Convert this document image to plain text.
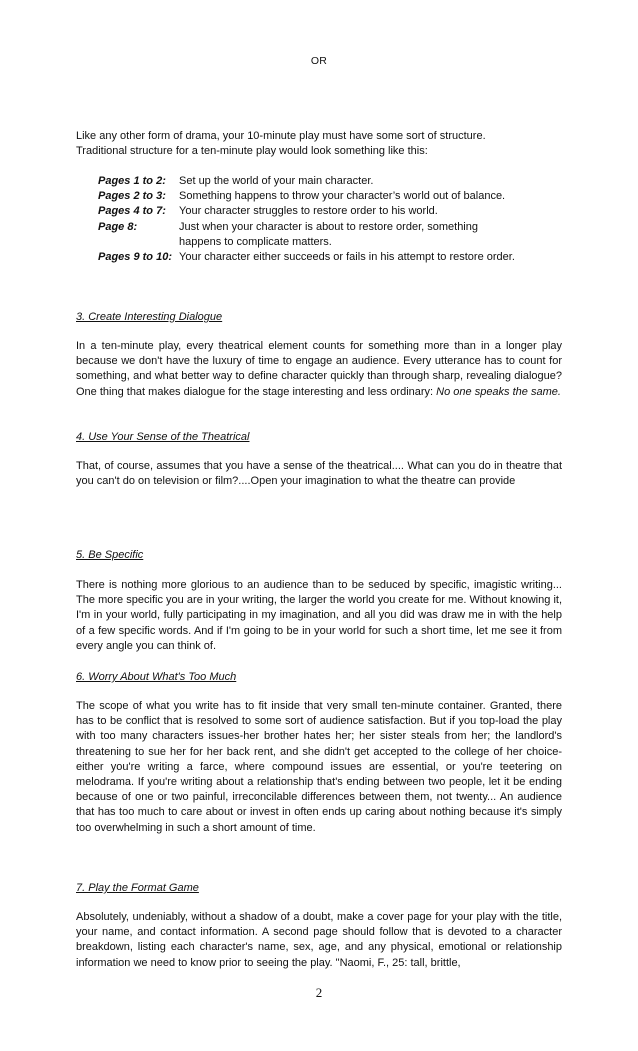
OR
Like any other form of drama, your 10-minute play must have some sort of structure.
Traditional structure for a ten-minute play would look something like this:
Pages 1 to 2:	Set up the world of your main character.
Pages 2 to 3:	Something happens to throw your character’s world out of balance.
Pages 4 to 7:	Your character struggles to restore order to his world.
Page 8:	Just when your character is about to restore order, something happens to complicate matters.
Pages 9 to 10: Your character either succeeds or fails in his attempt to restore order.
3. Create Interesting Dialogue
In a ten-minute play, every theatrical element counts for something more than in a longer play because we don't have the luxury of time to engage an audience. Every utterance has to count for something, and what better way to define character quickly than through sharp, revealing dialogue? One thing that makes dialogue for the stage interesting and less ordinary: No one speaks the same.
4. Use Your Sense of the Theatrical
That, of course, assumes that you have a sense of the theatrical.... What can you do in theatre that you can't do on television or film?....Open your imagination to what the theatre can provide
5. Be Specific
There is nothing more glorious to an audience than to be seduced by specific, imagistic writing... The more specific you are in your writing, the larger the world you create for me. Without knowing it, I'm in your world, fully participating in my imagination, and all you did was draw me in with the help of a few specific words. And if I'm going to be in your world for such a short time, let me see it from every angle you can think of.
6. Worry About What's Too Much
The scope of what you write has to fit inside that very small ten-minute container. Granted, there has to be conflict that is resolved to some sort of audience satisfaction. But if you top-load the play with too many characters issues-her brother hates her; her sister steals from her; the landlord's threatening to sue her for her back rent, and she didn't get accepted to the college of her choice-either you're writing a farce, where compound issues are essential, or you're teetering on melodrama. If you're writing about a relationship that's ending between two people, let it be ending because of one or two painful, irreconcilable differences between them, not twenty... An audience that has too much to care about or invest in often ends up caring about nothing because it's simply too overwhelming in such a short amount of time.
7. Play the Format Game
Absolutely, undeniably, without a shadow of a doubt, make a cover page for your play with the title, your name, and contact information. A second page should follow that is devoted to a character breakdown, listing each character's name, sex, age, and any physical, emotional or relationship information we need to know prior to seeing the play. "Naomi, F., 25: tall, brittle,
2
